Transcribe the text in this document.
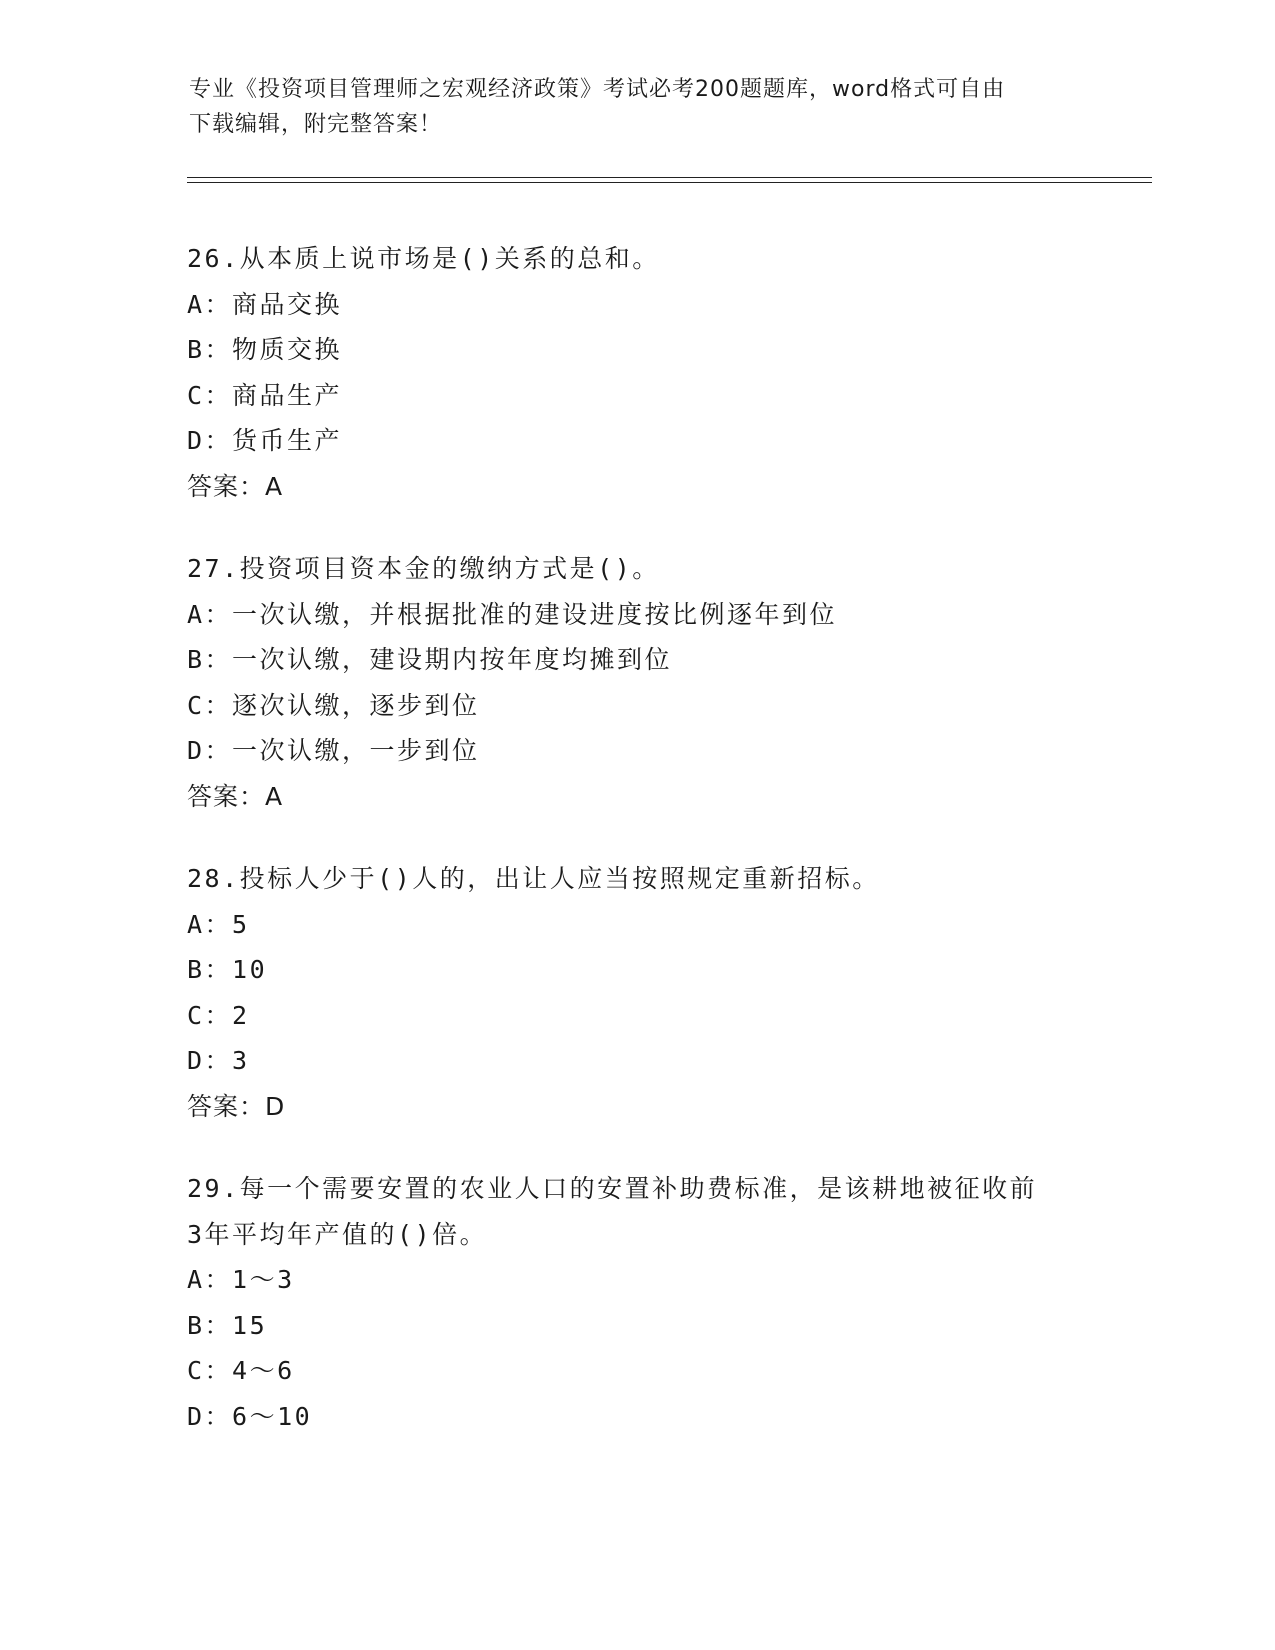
专业《投资项目管理师之宏观经济政策》考试必考200题题库，word格式可自由
下载编辑，附完整答案！
26.从本质上说市场是()关系的总和。
A：商品交换
B：物质交换
C：商品生产
D：货币生产
答案：A
27.投资项目资本金的缴纳方式是()。
A：一次认缴，并根据批准的建设进度按比例逐年到位
B：一次认缴，建设期内按年度均摊到位
C：逐次认缴，逐步到位
D：一次认缴，一步到位
答案：A
28.投标人少于()人的，出让人应当按照规定重新招标。
A：5
B：10
C：2
D：3
答案：D
29.每一个需要安置的农业人口的安置补助费标准，是该耕地被征收前
3年平均年产值的()倍。
A：1～3
B：15
C：4～6
D：6～10
